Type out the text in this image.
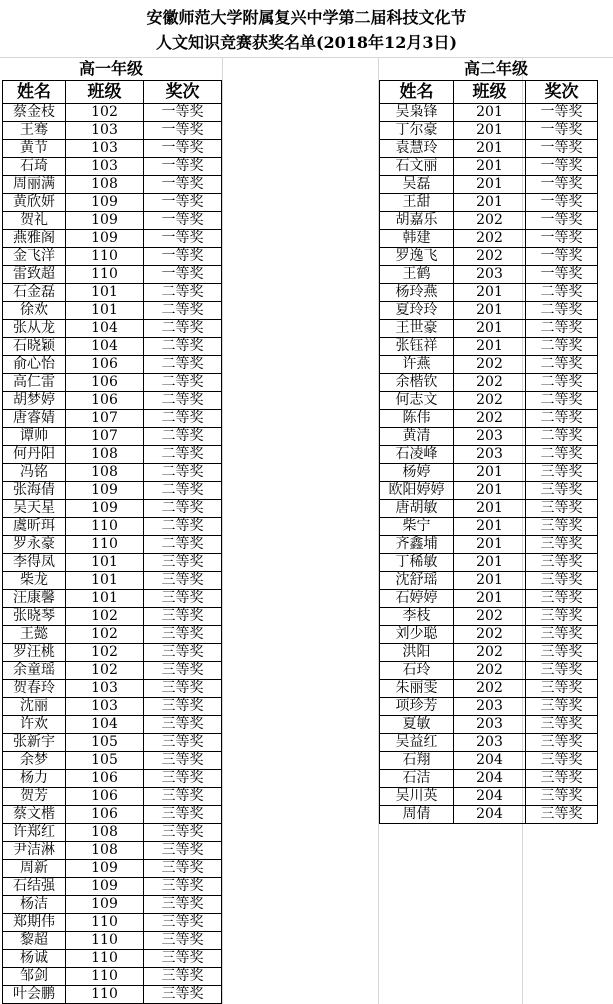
安徽师范大学附属复兴中学第二届科技文化节
人文知识竞赛获奖名单(2018年12月3日)
高一年级	高二年级
姓名	班级	奖次
蔡金枝	102	一等奖
王骞	103	一等奖
黄节	103	一等奖
石琦	103	一等奖
周丽满	108	一等奖
黄欣妍	109	一等奖
贺礼	109	一等奖
燕雅阁	109	一等奖
金飞洋	110	一等奖
雷致超	110	一等奖
石金磊	101	二等奖
徐欢	101	二等奖
张从龙	104	二等奖
石晓颖	104	二等奖
俞心怡	106	二等奖
高仁雷	106	二等奖
胡梦婷	106	二等奖
唐睿婧	107	二等奖
谭帅	107	二等奖
何丹阳	108	二等奖
冯铭	108	二等奖
张海倩	109	二等奖
吴天星	109	二等奖
虞昕珥	110	二等奖
罗永豪	110	二等奖
李得凤	101	三等奖
柴龙	101	三等奖
汪康馨	101	三等奖
张晓琴	102	三等奖
王懿	102	三等奖
罗汪桃	102	三等奖
余童瑶	102	三等奖
贺春玲	103	三等奖
沈丽	103	三等奖
许欢	104	三等奖
张新宇	105	三等奖
余梦	105	三等奖
杨力	106	三等奖
贺芳	106	三等奖
蔡文楷	106	三等奖
许郑红	108	三等奖
尹洁淋	108	三等奖
周新	109	三等奖
石结强	109	三等奖
杨洁	109	三等奖
郑期伟	110	三等奖
黎超	110	三等奖
杨诚	110	三等奖
邹剑	110	三等奖
叶会鹏	110	三等奖
姓名	班级	奖次
吴枭锋	201	一等奖
丁尔豪	201	一等奖
袁慧玲	201	一等奖
石文丽	201	一等奖
吴磊	201	一等奖
王甜	201	一等奖
胡嘉乐	202	一等奖
韩建	202	一等奖
罗逸飞	202	一等奖
王鹤	203	一等奖
杨玲燕	201	二等奖
夏玲玲	201	二等奖
王世豪	201	二等奖
张钰祥	201	二等奖
许燕	202	二等奖
余楷钦	202	二等奖
何志文	202	二等奖
陈伟	202	二等奖
黄清	203	二等奖
石凌峰	203	二等奖
杨婷	201	三等奖
欧阳婷婷	201	三等奖
唐胡敏	201	三等奖
柴宁	201	三等奖
齐鑫埔	201	三等奖
丁稀敏	201	三等奖
沈舒瑶	201	三等奖
石婷婷	201	三等奖
李枝	202	三等奖
刘少聪	202	三等奖
洪阳	202	三等奖
石玲	202	三等奖
朱丽雯	202	三等奖
项珍芳	203	三等奖
夏敏	203	三等奖
吴益红	203	三等奖
石翔	204	三等奖
石洁	204	三等奖
吴川英	204	三等奖
周倩	204	三等奖
